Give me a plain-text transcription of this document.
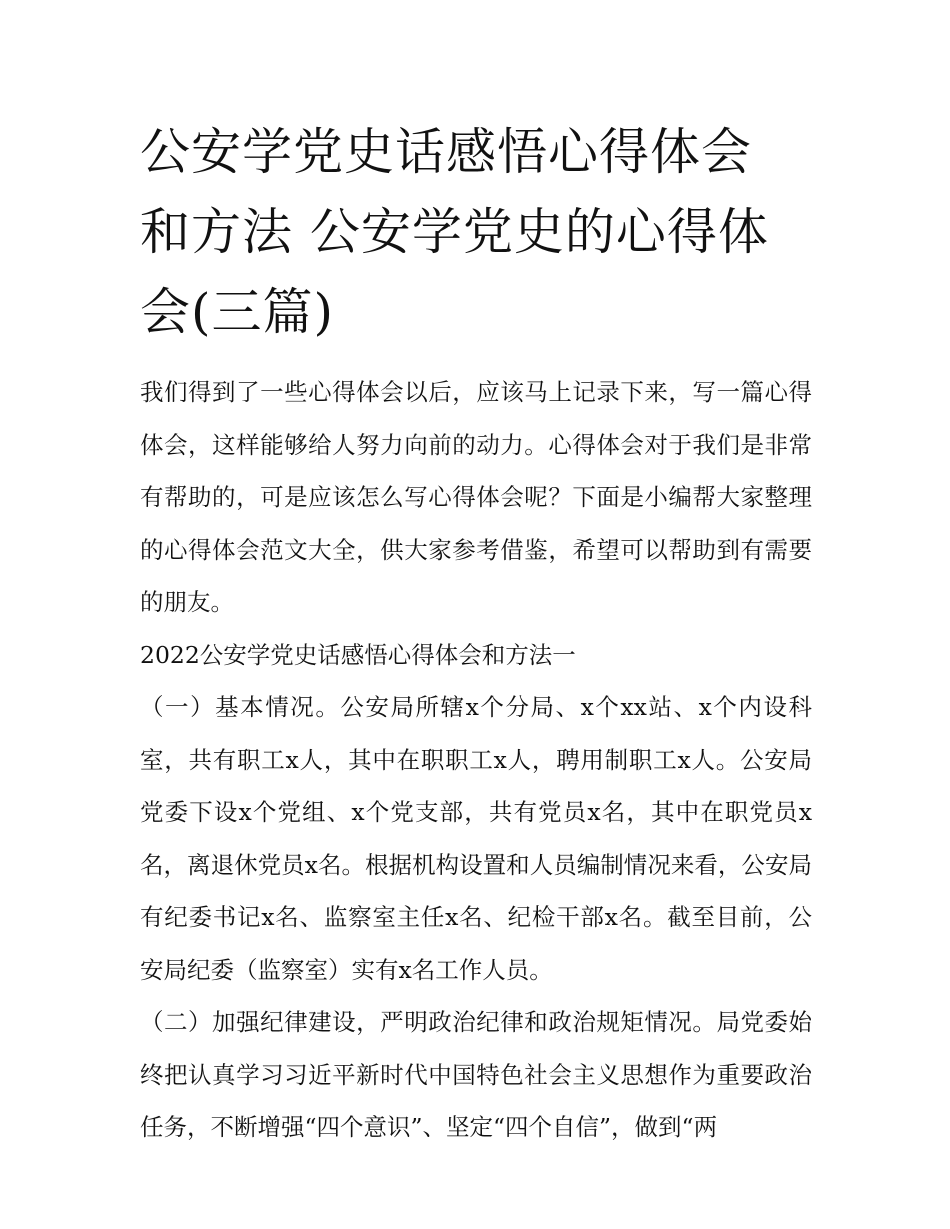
公安学党史话感悟心得体会和方法 公安学党史的心得体会(三篇)

我们得到了一些心得体会以后，应该马上记录下来，写一篇心得体会，这样能够给人努力向前的动力。心得体会对于我们是非常有帮助的，可是应该怎么写心得体会呢？下面是小编帮大家整理的心得体会范文大全，供大家参考借鉴，希望可以帮助到有需要的朋友。

2022公安学党史话感悟心得体会和方法一

（一）基本情况。公安局所辖x个分局、x个xx站、x个内设科室，共有职工x人，其中在职职工x人，聘用制职工x人。公安局党委下设x个党组、x个党支部，共有党员x名，其中在职党员x名，离退休党员x名。根据机构设置和人员编制情况来看，公安局有纪委书记x名、监察室主任x名、纪检干部x名。截至目前，公安局纪委（监察室）实有x名工作人员。

（二）加强纪律建设，严明政治纪律和政治规矩情况。局党委始终把认真学习习近平新时代中国特色社会主义思想作为重要政治任务，不断增强“四个意识”、坚定“四个自信”，做到“两
